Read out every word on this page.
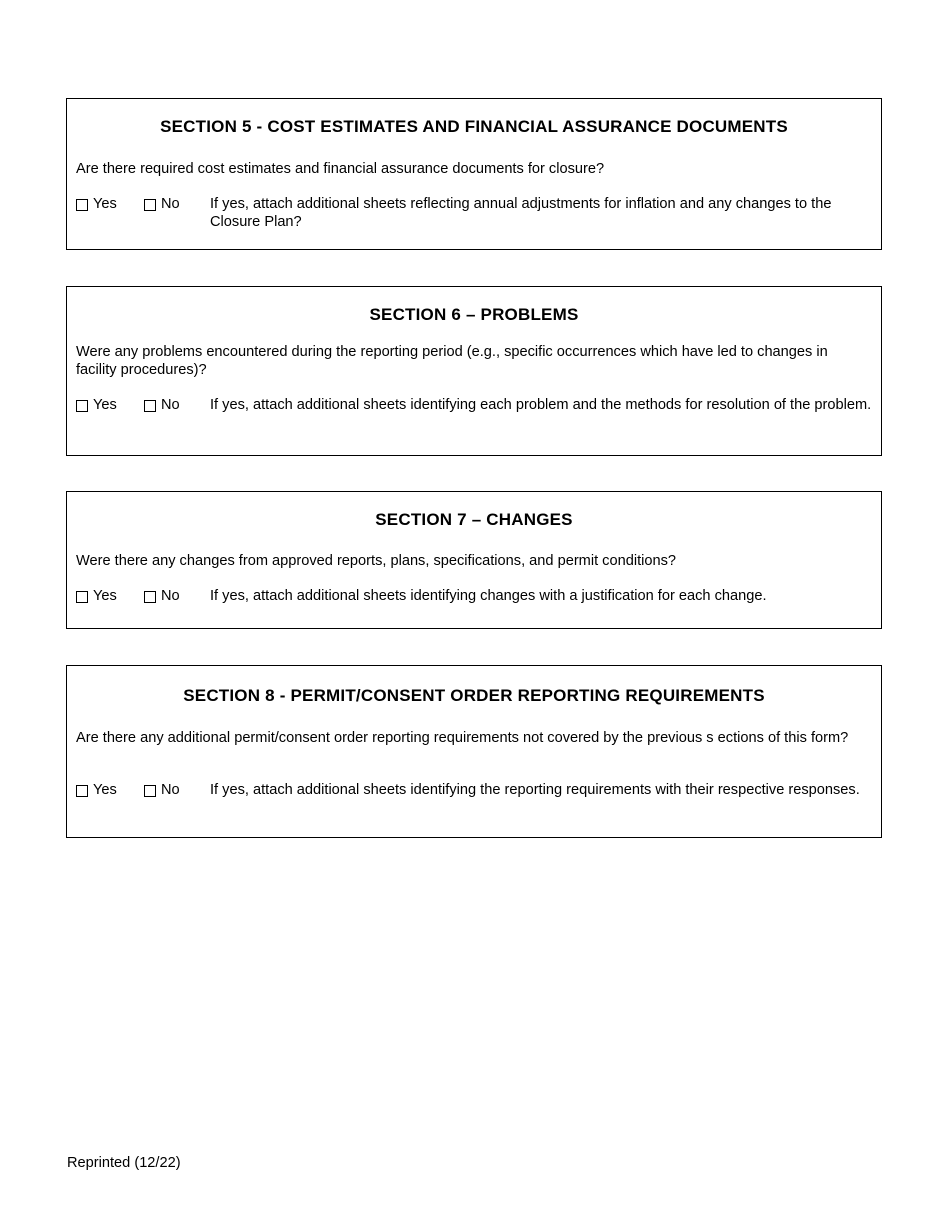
SECTION 5 - COST ESTIMATES AND FINANCIAL ASSURANCE DOCUMENTS
Are there required cost estimates and financial assurance documents for closure?
Yes	No If yes, attach additional sheets reflecting annual adjustments for inflation and any changes to the Closure Plan?
SECTION 6 – PROBLEMS
Were any problems encountered during the reporting period (e.g., specific occurrences which have led to changes in facility procedures)?
Yes	No If yes, attach additional sheets identifying each problem and the methods for resolution of the problem.
SECTION 7 – CHANGES
Were there any changes from approved reports, plans, specifications, and permit conditions?
Yes	No If yes, attach additional sheets identifying changes with a justification for each change.
SECTION 8 - PERMIT/CONSENT ORDER REPORTING REQUIREMENTS
Are there any additional permit/consent order reporting requirements not covered by the previous s ections of this form?
Yes	No If yes, attach additional sheets identifying the reporting requirements with their respective responses.
Reprinted (12/22)
